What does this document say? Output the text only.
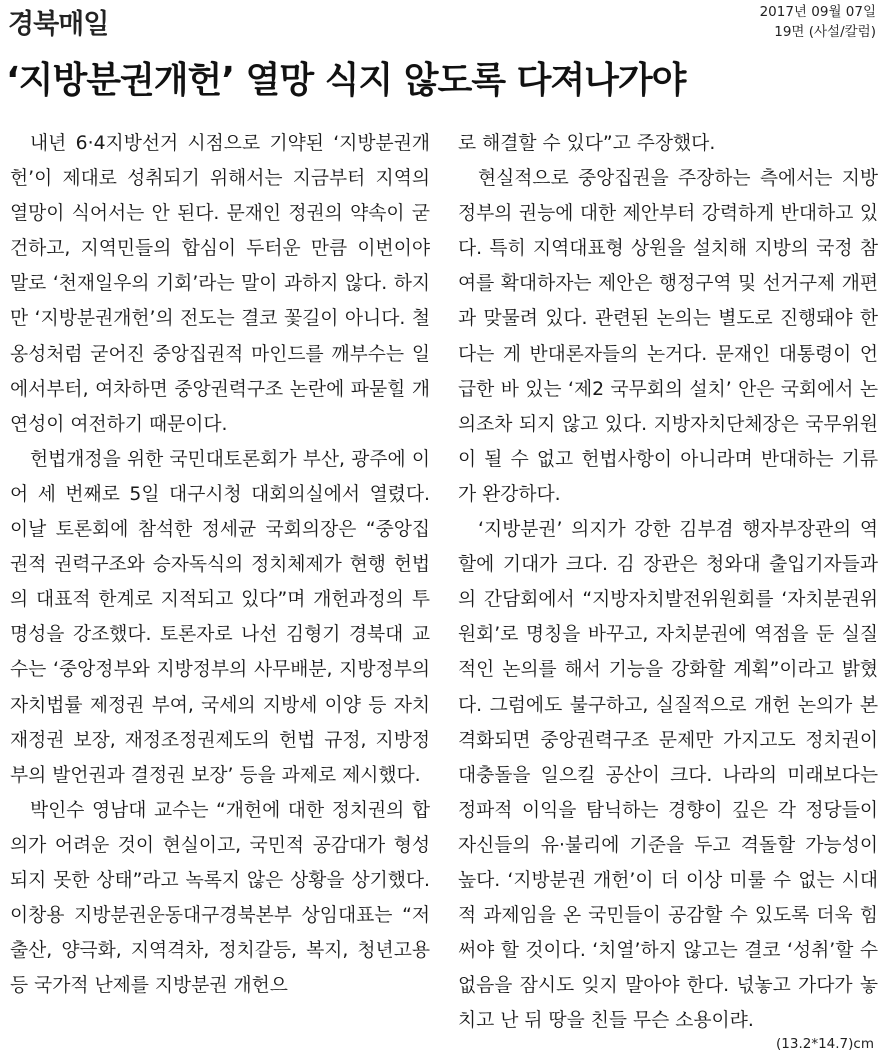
경북매일	2017년 09월 07일
19면 (사설/칼럼)
‘지방분권개헌’ 열망 식지 않도록 다져나가야

내년 6·4지방선거 시점으로 기약된 ‘지방분권개헌’이 제대로 성취되기 위해서는 지금부터 지역의 열망이 식어서는 안 된다. 문재인 정권의 약속이 굳건하고, 지역민들의 합심이 두터운 만큼 이번이야 말로 ‘천재일우의 기회’라는 말이 과하지 않다. 하지만 ‘지방분권개헌’의 전도는 결코 꽃길이 아니다. 철옹성처럼 굳어진 중앙집권적 마인드를 깨부수는 일에서부터, 여차하면 중앙권력구조 논란에 파묻힐 개연성이 여전하기 때문이다.

헌법개정을 위한 국민대토론회가 부산, 광주에 이어 세 번째로 5일 대구시청 대회의실에서 열렸다. 이날 토론회에 참석한 정세균 국회의장은 “중앙집권적 권력구조와 승자독식의 정치체제가 현행 헌법의 대표적 한계로 지적되고 있다”며 개헌과정의 투명성을 강조했다. 토론자로 나선 김형기 경북대 교수는 ‘중앙정부와 지방정부의 사무배분, 지방정부의 자치법률 제정권 부여, 국세의 지방세 이양 등 자치재정권 보장, 재정조정권제도의 헌법 규정, 지방정부의 발언권과 결정권 보장’ 등을 과제로 제시했다.

박인수 영남대 교수는 “개헌에 대한 정치권의 합의가 어려운 것이 현실이고, 국민적 공감대가 형성되지 못한 상태”라고 녹록지 않은 상황을 상기했다. 이창용 지방분권운동대구경북본부 상임대표는 “저출산, 양극화, 지역격차, 정치갈등, 복지, 청년고용 등 국가적 난제를 지방분권 개헌으

로 해결할 수 있다”고 주장했다.

현실적으로 중앙집권을 주장하는 측에서는 지방정부의 권능에 대한 제안부터 강력하게 반대하고 있다. 특히 지역대표형 상원을 설치해 지방의 국정 참여를 확대하자는 제안은 행정구역 및 선거구제 개편과 맞물려 있다. 관련된 논의는 별도로 진행돼야 한다는 게 반대론자들의 논거다. 문재인 대통령이 언급한 바 있는 ‘제2 국무회의 설치’ 안은 국회에서 논의조차 되지 않고 있다. 지방자치단체장은 국무위원이 될 수 없고 헌법사항이 아니라며 반대하는 기류가 완강하다.

‘지방분권’ 의지가 강한 김부겸 행자부장관의 역할에 기대가 크다. 김 장관은 청와대 출입기자들과의 간담회에서 “지방자치발전위원회를 ‘자치분권위원회’로 명칭을 바꾸고, 자치분권에 역점을 둔 실질적인 논의를 해서 기능을 강화할 계획”이라고 밝혔다. 그럼에도 불구하고, 실질적으로 개헌 논의가 본격화되면 중앙권력구조 문제만 가지고도 정치권이 대충돌을 일으킬 공산이 크다. 나라의 미래보다는 정파적 이익을 탐닉하는 경향이 깊은 각 정당들이 자신들의 유·불리에 기준을 두고 격돌할 가능성이 높다. ‘지방분권 개헌’이 더 이상 미룰 수 없는 시대적 과제임을 온 국민들이 공감할 수 있도록 더욱 힘써야 할 것이다. ‘치열’하지 않고는 결코 ‘성취’할 수 없음을 잠시도 잊지 말아야 한다. 넋놓고 가다가 놓치고 난 뒤 땅을 친들 무슨 소용이랴.

(13.2*14.7)cm
